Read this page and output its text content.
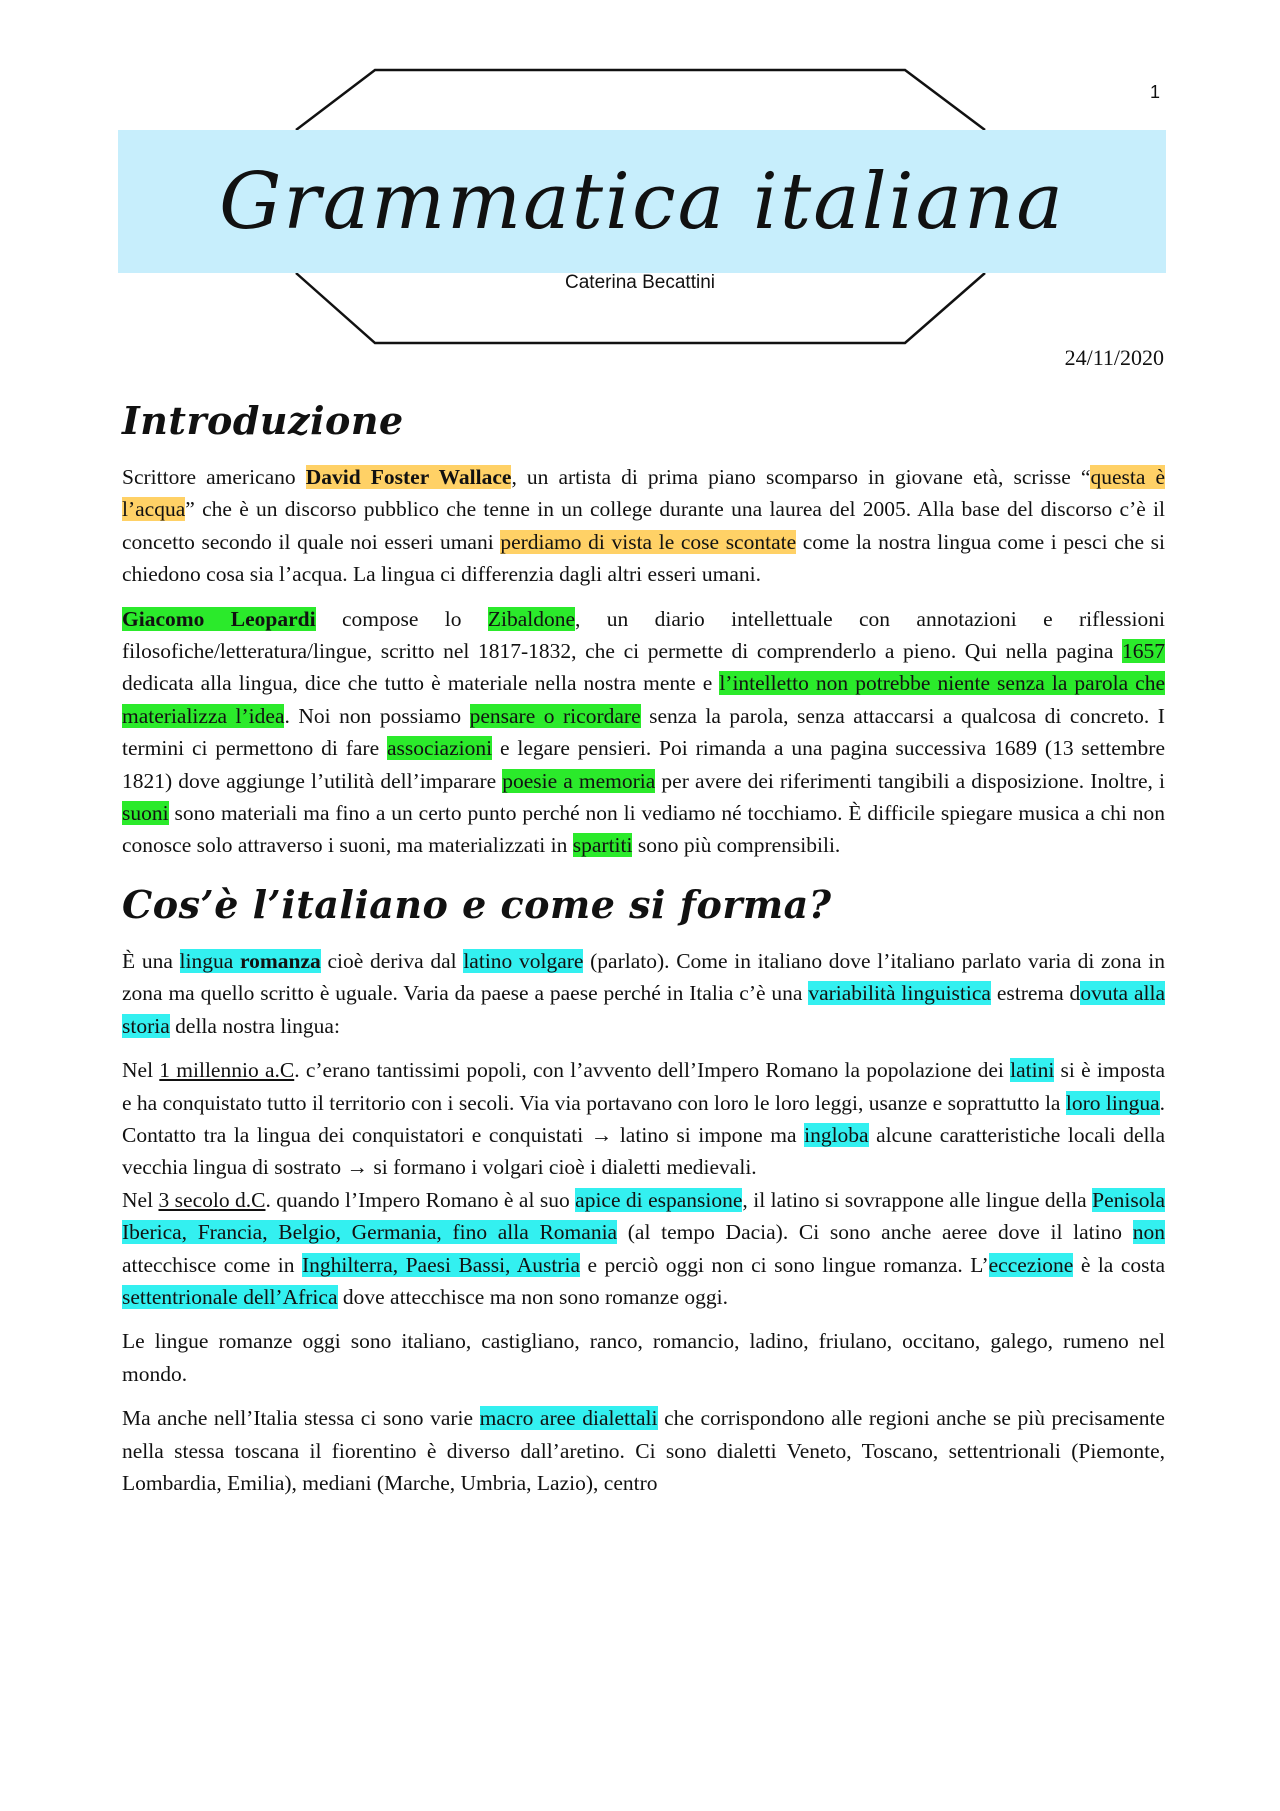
1
Grammatica italiana
Caterina Becattini
24/11/2020
Introduzione

Scrittore americano David Foster Wallace, un artista di prima piano scomparso in giovane età, scrisse “questa è l’acqua” che è un discorso pubblico che tenne in un college durante una laurea del 2005. Alla base del discorso c’è il concetto secondo il quale noi esseri umani perdiamo di vista le cose scontate come la nostra lingua come i pesci che si chiedono cosa sia l’acqua. La lingua ci differenzia dagli altri esseri umani.

Giacomo Leopardi compose lo Zibaldone, un diario intellettuale con annotazioni e riflessioni filosofiche/letteratura/lingue, scritto nel 1817-1832, che ci permette di comprenderlo a pieno. Qui nella pagina 1657 dedicata alla lingua, dice che tutto è materiale nella nostra mente e l’intelletto non potrebbe niente senza la parola che materializza l’idea. Noi non possiamo pensare o ricordare senza la parola, senza attaccarsi a qualcosa di concreto. I termini ci permettono di fare associazioni e legare pensieri. Poi rimanda a una pagina successiva 1689 (13 settembre 1821) dove aggiunge l’utilità dell’imparare poesie a memoria per avere dei riferimenti tangibili a disposizione. Inoltre, i suoni sono materiali ma fino a un certo punto perché non li vediamo né tocchiamo. È difficile spiegare musica a chi non conosce solo attraverso i suoni, ma materializzati in spartiti sono più comprensibili.

Cos’è l’italiano e come si forma?

È una lingua romanza cioè deriva dal latino volgare (parlato). Come in italiano dove l’italiano parlato varia di zona in zona ma quello scritto è uguale. Varia da paese a paese perché in Italia c’è una variabilità linguistica estrema dovuta alla storia della nostra lingua:

Nel 1 millennio a.C. c’erano tantissimi popoli, con l’avvento dell’Impero Romano la popolazione dei latini si è imposta e ha conquistato tutto il territorio con i secoli. Via via portavano con loro le loro leggi, usanze e soprattutto la loro lingua. Contatto tra la lingua dei conquistatori e conquistati → latino si impone ma ingloba alcune caratteristiche locali della vecchia lingua di sostrato → si formano i volgari cioè i dialetti medievali.

Nel 3 secolo d.C. quando l’Impero Romano è al suo apice di espansione, il latino si sovrappone alle lingue della Penisola Iberica, Francia, Belgio, Germania, fino alla Romania (al tempo Dacia). Ci sono anche aeree dove il latino non attecchisce come in Inghilterra, Paesi Bassi, Austria e perciò oggi non ci sono lingue romanza. L’eccezione è la costa settentrionale dell’Africa dove attecchisce ma non sono romanze oggi.

Le lingue romanze oggi sono italiano, castigliano, ranco, romancio, ladino, friulano, occitano, galego, rumeno nel mondo.

Ma anche nell’Italia stessa ci sono varie macro aree dialettali che corrispondono alle regioni anche se più precisamente nella stessa toscana il fiorentino è diverso dall’aretino. Ci sono dialetti Veneto, Toscano, settentrionali (Piemonte, Lombardia, Emilia), mediani (Marche, Umbria, Lazio), centro
